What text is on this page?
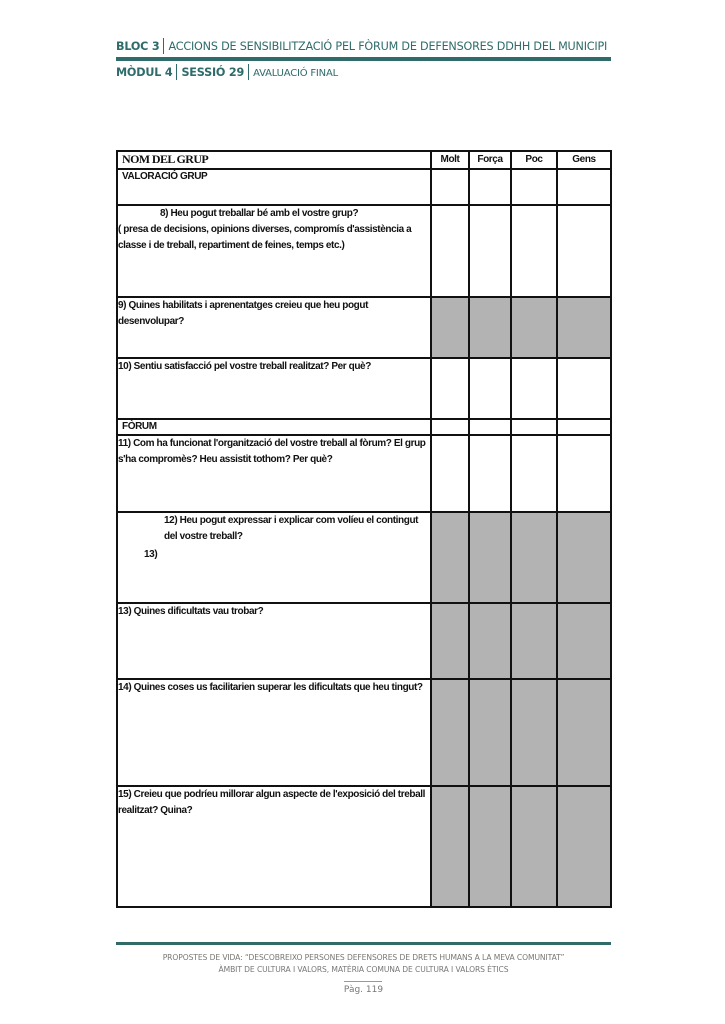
BLOC 3 ACCIONS DE SENSIBILITZACIÓ PEL FÒRUM DE DEFENSORES DDHH DEL MUNICIPI
MÒDUL 4 SESSIÓ 29 AVALUACIÓ FINAL
NOM DEL GRUP	Molt	Força	Poc	Gens
VALORACIÓ GRUP				

8) Heu pogut treballar bé amb el vostre grup?
( presa de decisions, opinions diverses, compromís d'assistència a classe i de treball, repartiment de feines, temps etc.)				

9) Quines habilitats i aprenentatges creieu que heu pogut desenvolupar?				
10) Sentiu satisfacció pel vostre treball realitzat? Per què?				
FÒRUM				
11) Com ha funcionat l'organització del vostre treball al fòrum? El grup s'ha compromès? Heu assistit tothom? Per què?				

12) Heu pogut expressar i explicar com volíeu el contingut del vostre treball?
13)				

13) Quines dificultats vau trobar?				
14) Quines coses us facilitarien superar les dificultats que heu tingut?				
15) Creieu que podríeu millorar algun aspecte de l'exposició del treball realitzat? Quina?				
PROPOSTES DE VIDA: “DESCOBREIXO PERSONES DEFENSORES DE DRETS HUMANS A LA MEVA COMUNITAT”
ÀMBIT DE CULTURA I VALORS, MATÈRIA COMUNA DE CULTURA I VALORS ÈTICS
Pàg. 119
